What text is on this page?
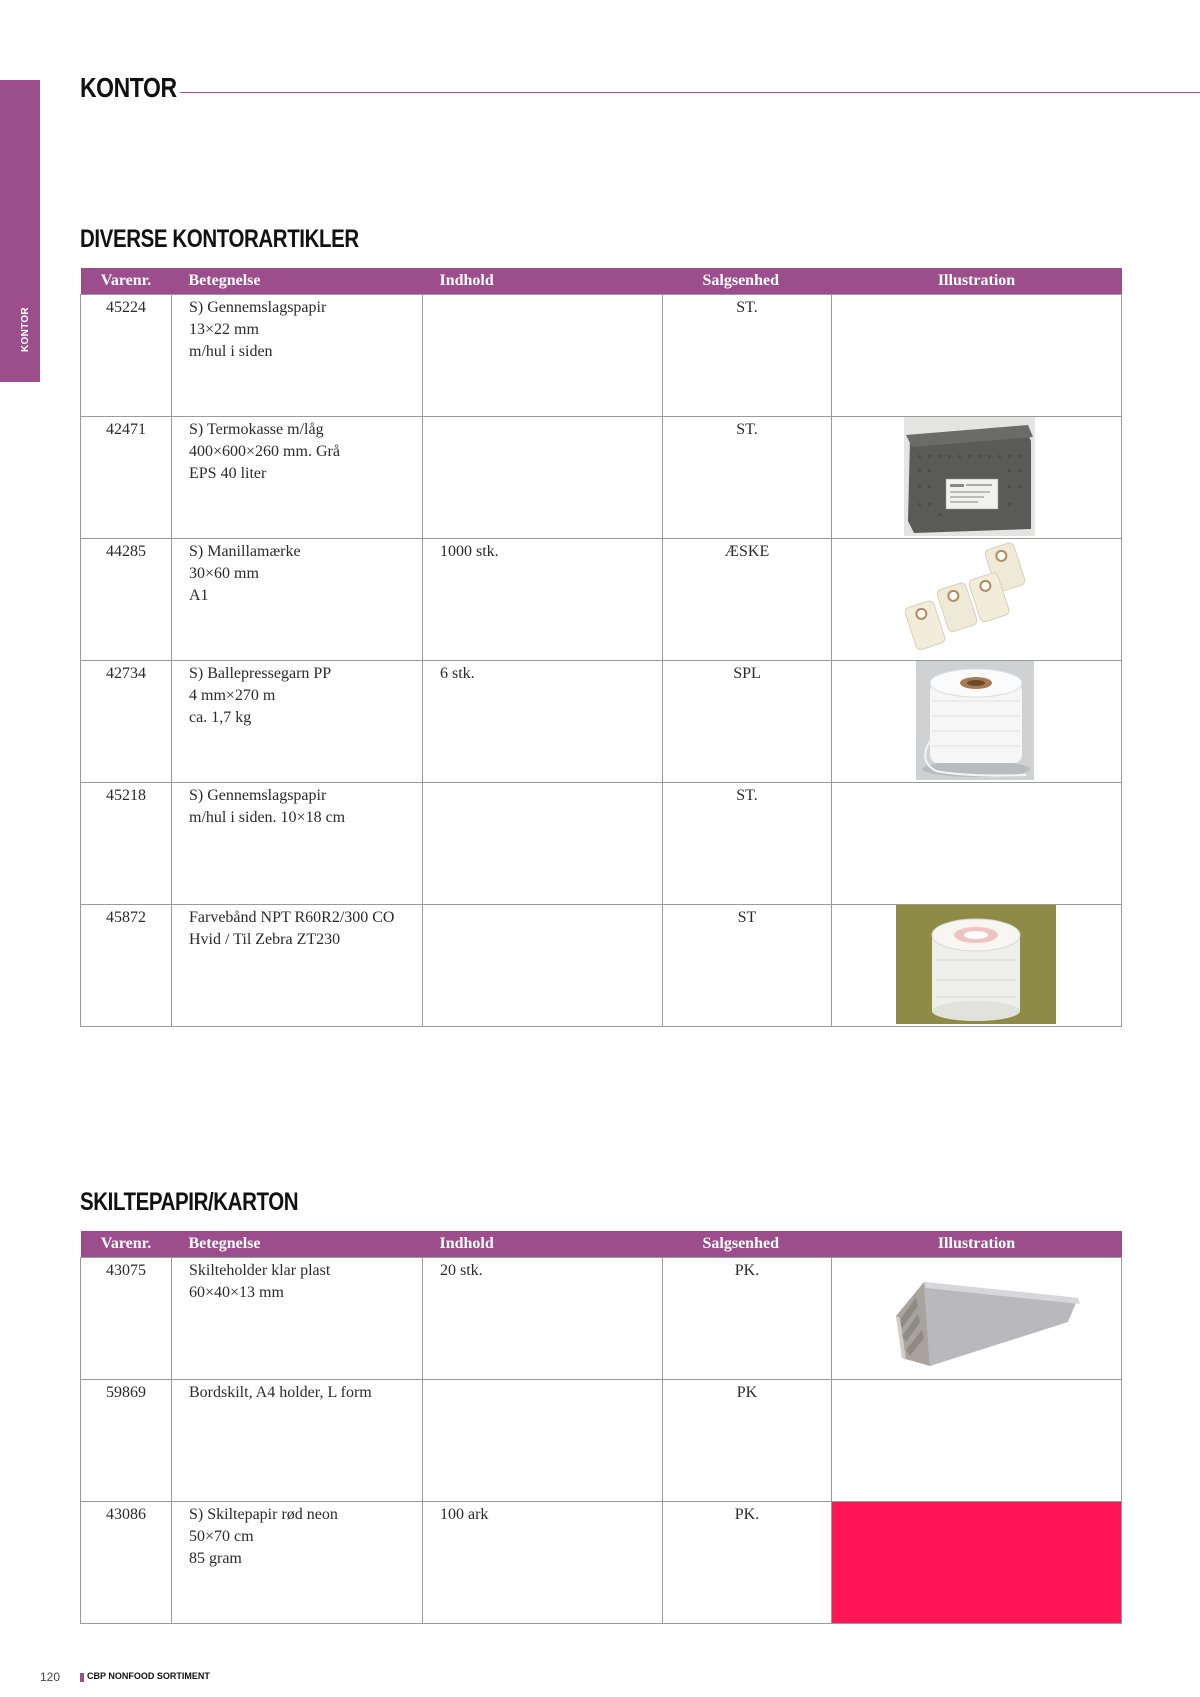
KONTOR
KONTOR
DIVERSE KONTORARTIKLER
Varenr.	Betegnelse	Indhold	Salgsenhed	Illustration
45224	S) Gennemslagspapir
13×22 mm
m/hul i siden		ST.	
42471	S) Termokasse m/låg
400×600×260 mm. Grå
EPS 40 liter		ST.	

44285	S) Manillamærke
30×60 mm
A1	1000 stk.	ÆSKE	

42734	S) Ballepressegarn PP
4 mm×270 m
ca. 1,7 kg	6 stk.	SPL	

45218	S) Gennemslagspapir
m/hul i siden. 10×18 cm		ST.	
45872	Farvebånd NPT R60R2/300 CO
Hvid / Til Zebra ZT230		ST	
SKILTEPAPIR/KARTON
Varenr.	Betegnelse	Indhold	Salgsenhed	Illustration
43075	Skilteholder klar plast
60×40×13 mm	20 stk.	PK.	

59869	Bordskilt, A4 holder, L form		PK	
43086	S) Skiltepapir rød neon
50×70 cm
85 gram	100 ark	PK.	
120	CBP NONFOOD SORTIMENT
